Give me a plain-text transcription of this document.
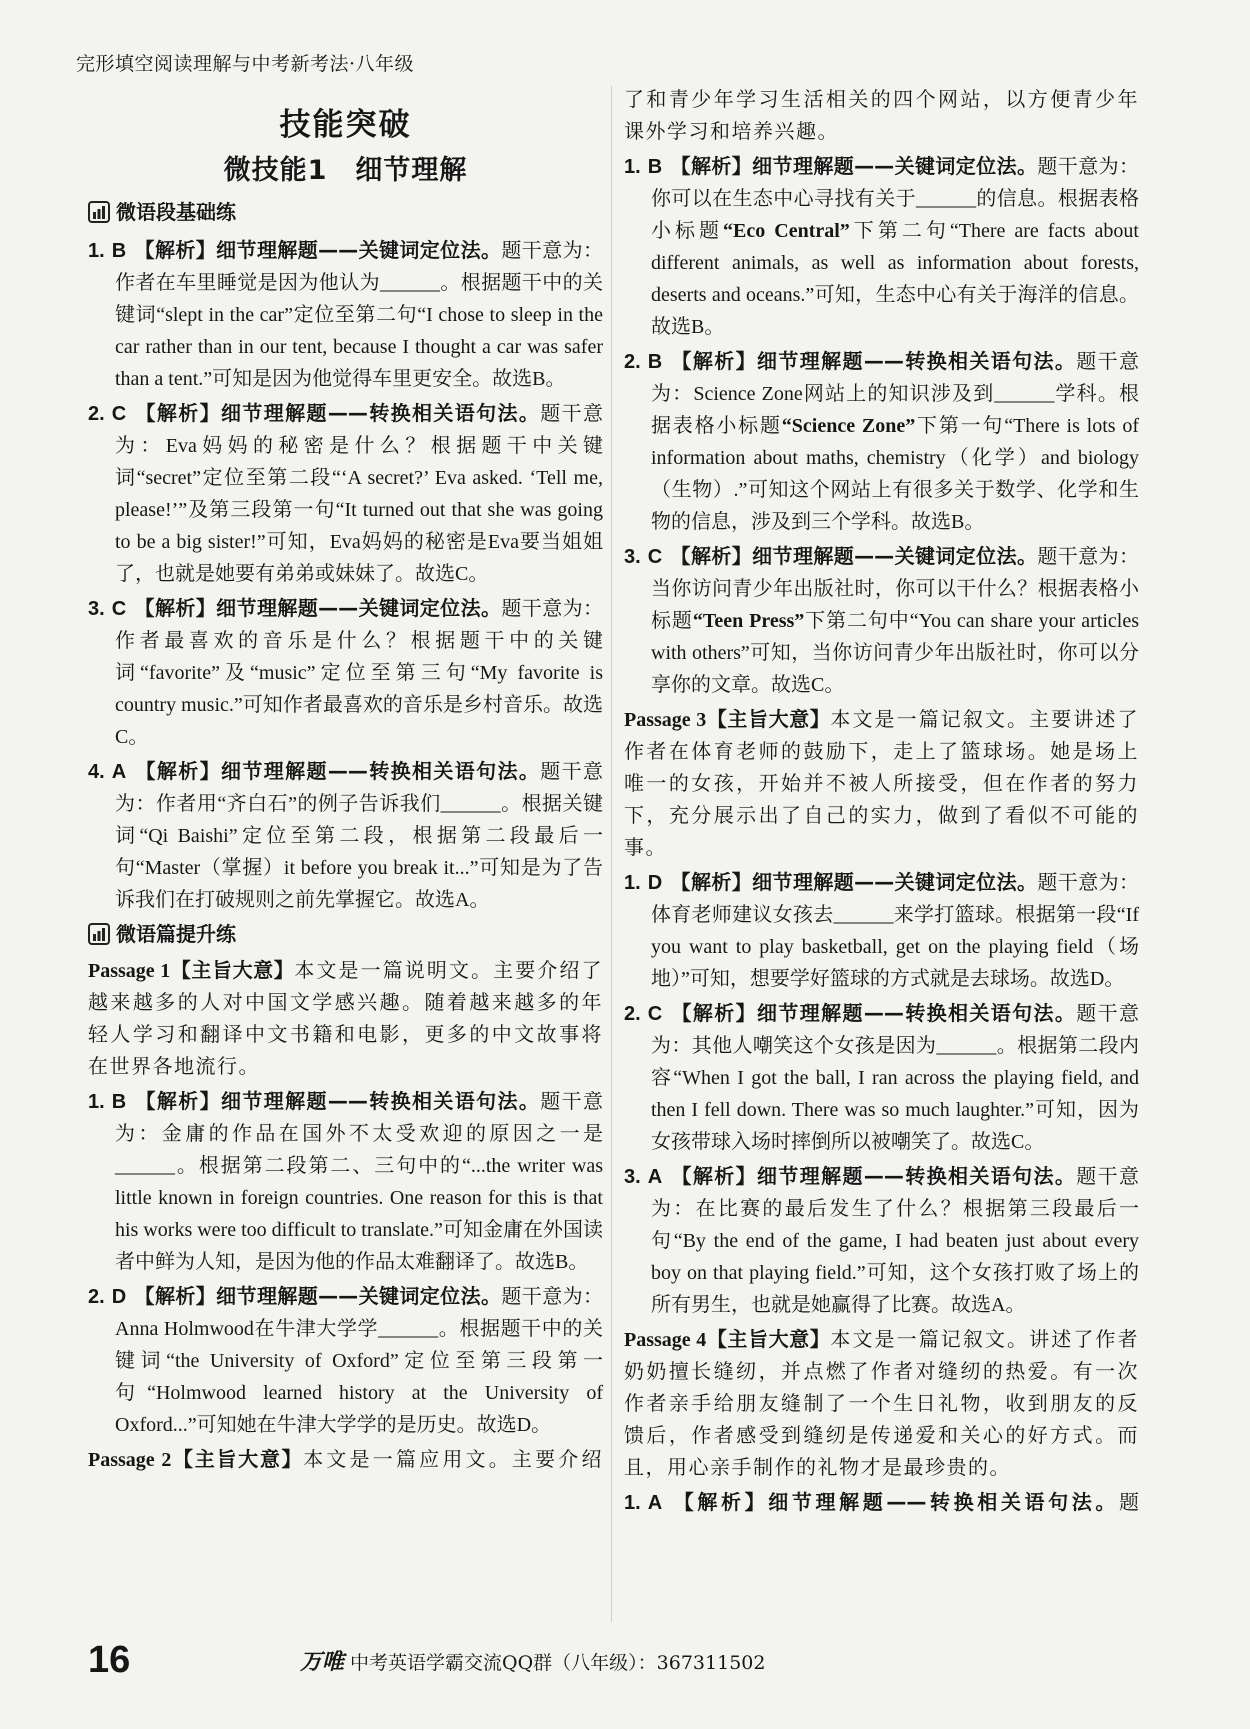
完形填空阅读理解与中考新考法·八年级
技能突破
微技能1　细节理解
微语段基础练
1. B 【解析】细节理解题——关键词定位法。题干意为：作者在车里睡觉是因为他认为______。根据题干中的关键词“slept in the car”定位至第二句“I chose to sleep in the car rather than in our tent, because I thought a car was safer than a tent.”可知是因为他觉得车里更安全。故选B。
2. C 【解析】细节理解题——转换相关语句法。题干意为：Eva妈妈的秘密是什么？根据题干中关键词“secret”定位至第二段“‘A secret?’ Eva asked. ‘Tell me, please!’”及第三段第一句“It turned out that she was going to be a big sister!”可知，Eva妈妈的秘密是Eva要当姐姐了，也就是她要有弟弟或妹妹了。故选C。
3. C 【解析】细节理解题——关键词定位法。题干意为：作者最喜欢的音乐是什么？根据题干中的关键词“favorite”及“music”定位至第三句“My favorite is country music.”可知作者最喜欢的音乐是乡村音乐。故选C。
4. A 【解析】细节理解题——转换相关语句法。题干意为：作者用“齐白石”的例子告诉我们______。根据关键词“Qi Baishi”定位至第二段，根据第二段最后一句“Master（掌握）it before you break it...”可知是为了告诉我们在打破规则之前先掌握它。故选A。
微语篇提升练
Passage 1【主旨大意】本文是一篇说明文。主要介绍了越来越多的人对中国文学感兴趣。随着越来越多的年轻人学习和翻译中文书籍和电影，更多的中文故事将在世界各地流行。
1. B 【解析】细节理解题——转换相关语句法。题干意为：金庸的作品在国外不太受欢迎的原因之一是______。根据第二段第二、三句中的“...the writer was little known in foreign countries. One reason for this is that his works were too difficult to translate.”可知金庸在外国读者中鲜为人知，是因为他的作品太难翻译了。故选B。
2. D 【解析】细节理解题——关键词定位法。题干意为：Anna Holmwood在牛津大学学______。根据题干中的关键词“the University of Oxford”定位至第三段第一句“Holmwood learned history at the University of Oxford...”可知她在牛津大学学的是历史。故选D。
Passage 2【主旨大意】本文是一篇应用文。主要介绍
了和青少年学习生活相关的四个网站，以方便青少年课外学习和培养兴趣。
1. B 【解析】细节理解题——关键词定位法。题干意为：你可以在生态中心寻找有关于______的信息。根据表格小标题“Eco Central”下第二句“There are facts about different animals, as well as information about forests, deserts and oceans.”可知，生态中心有关于海洋的信息。故选B。
2. B 【解析】细节理解题——转换相关语句法。题干意为：Science Zone网站上的知识涉及到______学科。根据表格小标题“Science Zone”下第一句“There is lots of information about maths, chemistry（化学）and biology（生物）.”可知这个网站上有很多关于数学、化学和生物的信息，涉及到三个学科。故选B。
3. C 【解析】细节理解题——关键词定位法。题干意为：当你访问青少年出版社时，你可以干什么？根据表格小标题“Teen Press”下第二句中“You can share your articles with others”可知，当你访问青少年出版社时，你可以分享你的文章。故选C。
Passage 3【主旨大意】本文是一篇记叙文。主要讲述了作者在体育老师的鼓励下，走上了篮球场。她是场上唯一的女孩，开始并不被人所接受，但在作者的努力下，充分展示出了自己的实力，做到了看似不可能的事。
1. D 【解析】细节理解题——关键词定位法。题干意为：体育老师建议女孩去______来学打篮球。根据第一段“If you want to play basketball, get on the playing field（场地）”可知，想要学好篮球的方式就是去球场。故选D。
2. C 【解析】细节理解题——转换相关语句法。题干意为：其他人嘲笑这个女孩是因为______。根据第二段内容“When I got the ball, I ran across the playing field, and then I fell down. There was so much laughter.”可知，因为女孩带球入场时摔倒所以被嘲笑了。故选C。
3. A 【解析】细节理解题——转换相关语句法。题干意为：在比赛的最后发生了什么？根据第三段最后一句“By the end of the game, I had beaten just about every boy on that playing field.”可知，这个女孩打败了场上的所有男生，也就是她赢得了比赛。故选A。
Passage 4【主旨大意】本文是一篇记叙文。讲述了作者奶奶擅长缝纫，并点燃了作者对缝纫的热爱。有一次作者亲手给朋友缝制了一个生日礼物，收到朋友的反馈后，作者感受到缝纫是传递爱和关心的好方式。而且，用心亲手制作的礼物才是最珍贵的。
1. A 【解析】细节理解题——转换相关语句法。题
16	万唯 中考英语学霸交流QQ群（八年级）：367311502
